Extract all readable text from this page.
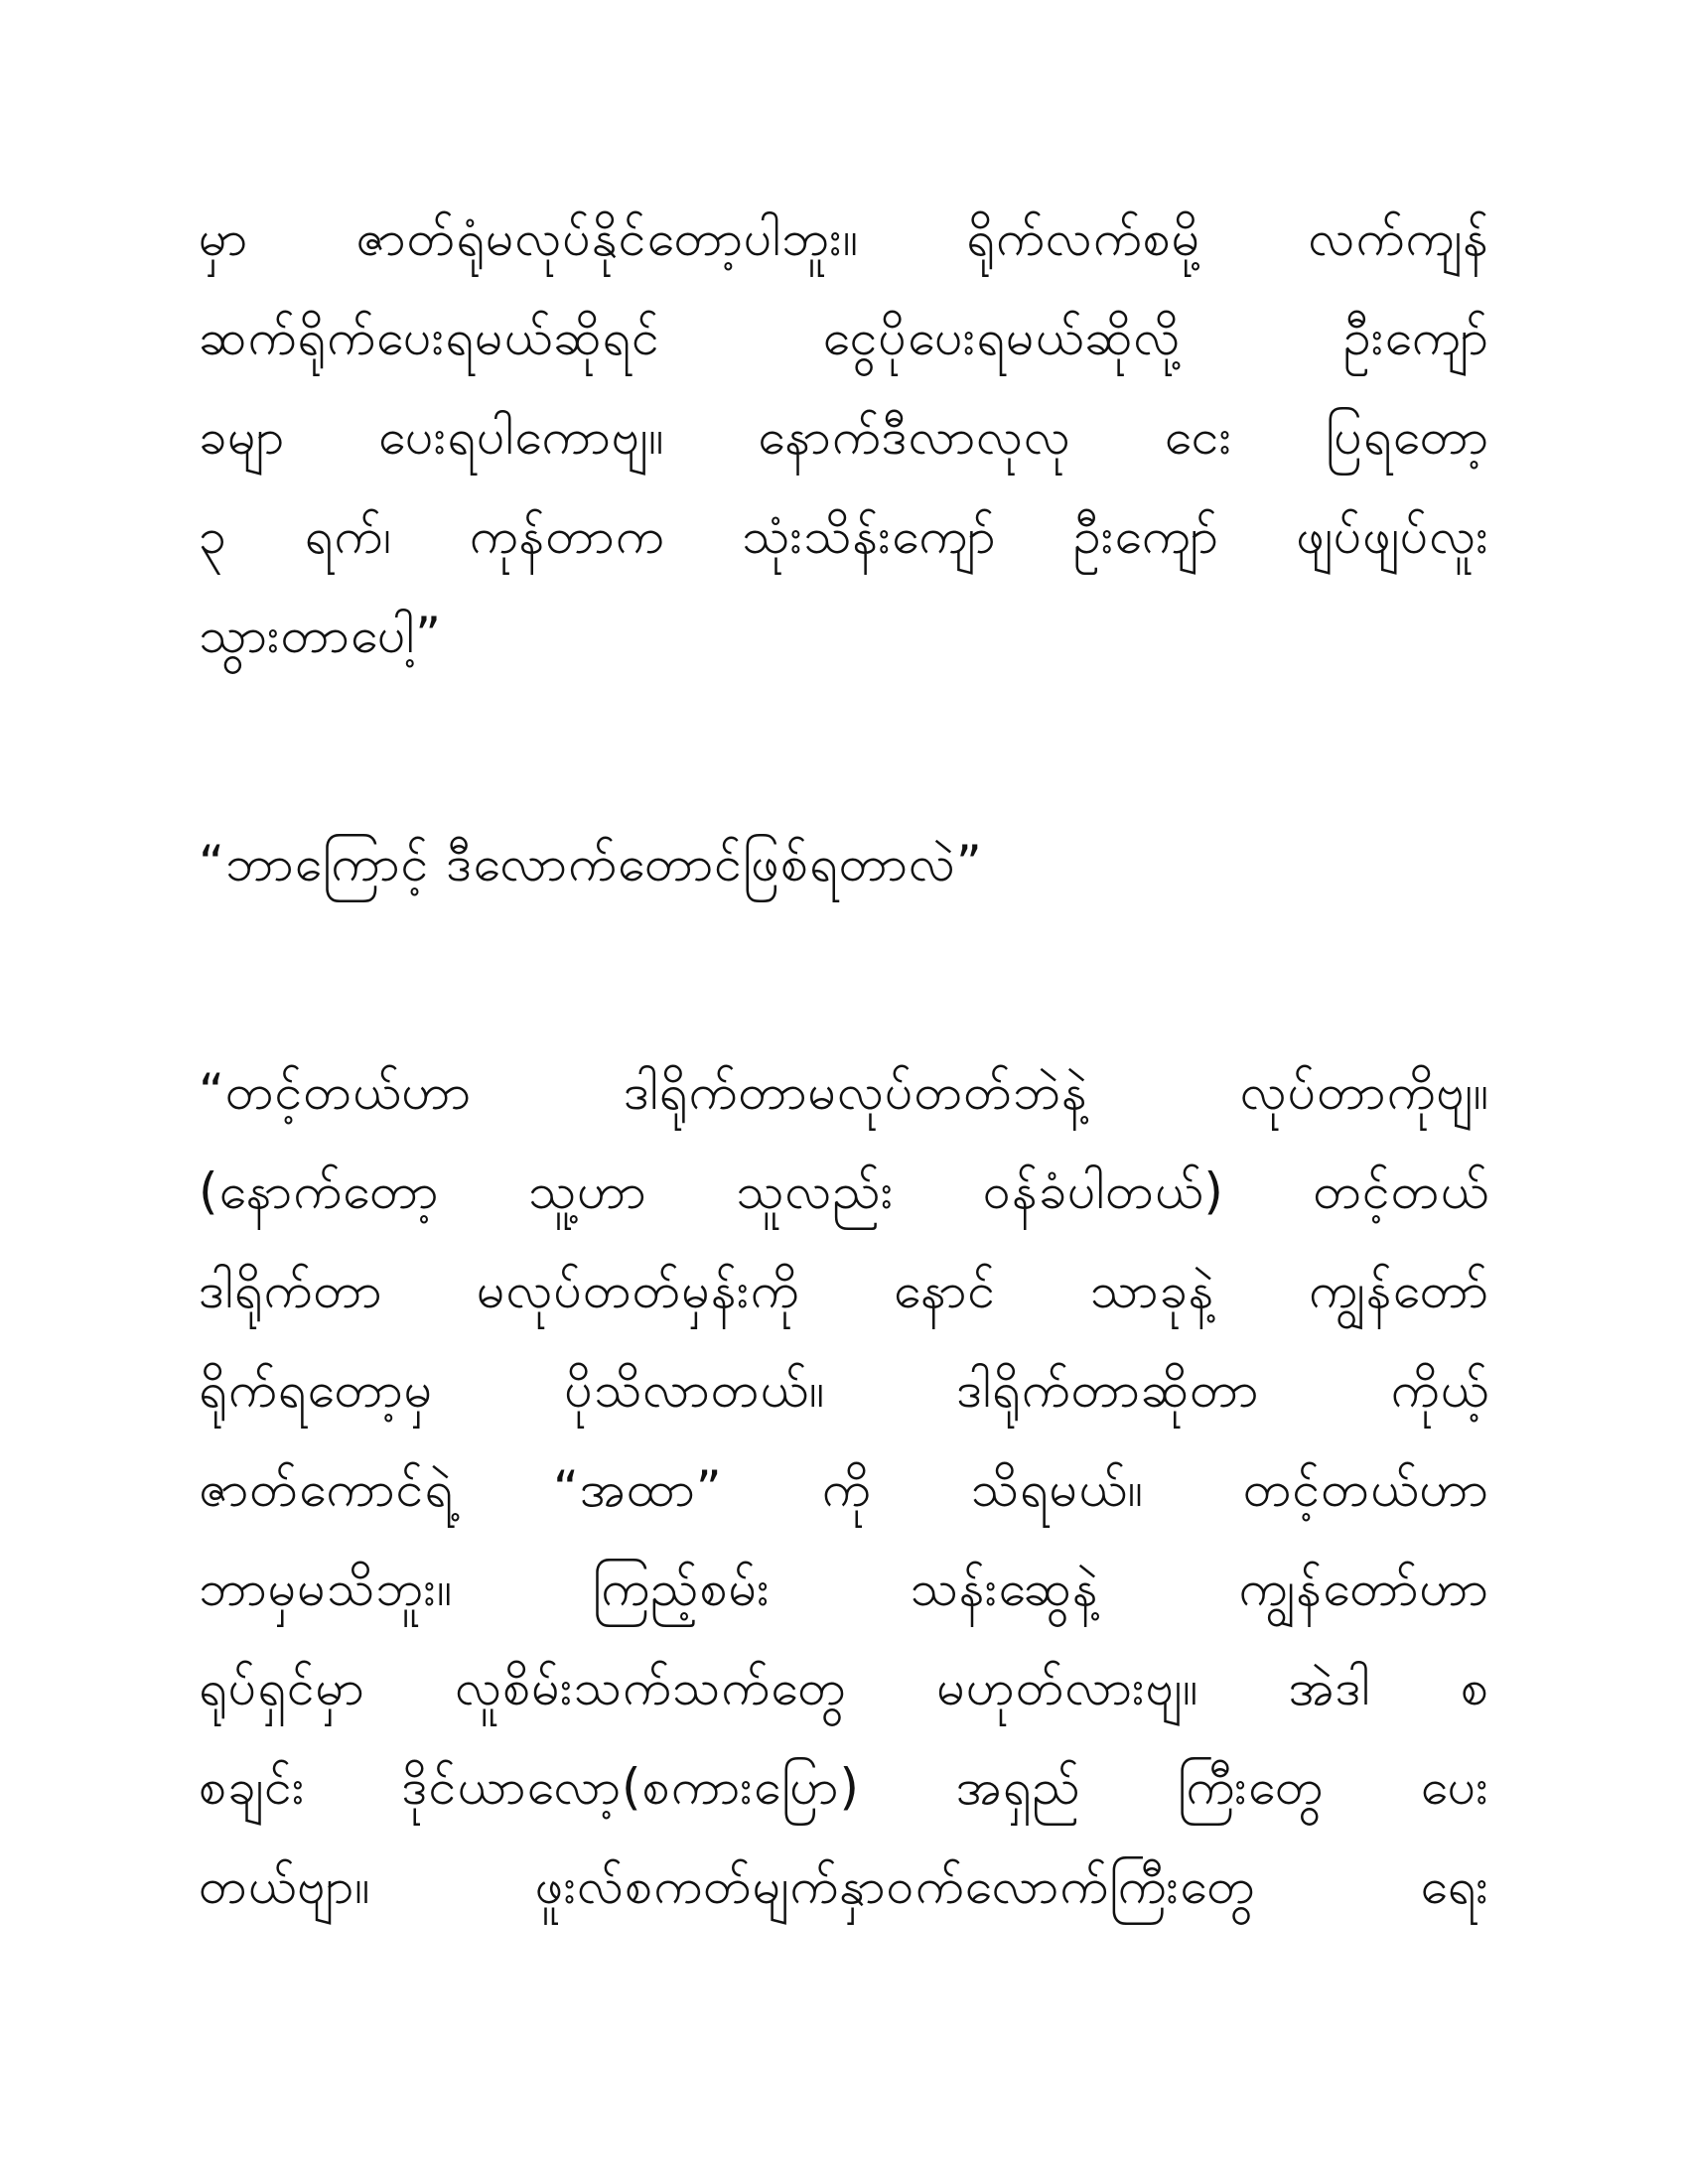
မှာ ဇာတ်ရုံမလုပ်နိုင်တော့ပါဘူး။ ရိုက်လက်စမို့ လက်ကျန်
ဆက်ရိုက်ပေးရမယ်ဆိုရင် ငွေပိုပေးရမယ်ဆိုလို့ ဦးကျော်
ခမျာ ပေးရပါကောဗျ။ နောက်ဒီလာလုလု ငေး ပြရတော့
၃ ရက်၊ ကုန်တာက သုံးသိန်းကျော် ဦးကျော် ဖျပ်ဖျပ်လူး
သွားတာပေါ့”
“ဘာကြောင့် ဒီလောက်တောင်ဖြစ်ရတာလဲ”
“တင့်တယ်ဟာ ဒါရိုက်တာမလုပ်တတ်ဘဲနဲ့ လုပ်တာကိုဗျ။
(နောက်တော့ သူ့ဟာ သူလည်း ဝန်ခံပါတယ်) တင့်တယ်
ဒါရိုက်တာ မလုပ်တတ်မှန်းကို နောင် သာခုနဲ့ ကျွန်တော်
ရိုက်ရတော့မှ ပိုသိလာတယ်။ ဒါရိုက်တာဆိုတာ ကိုယ့်
ဇာတ်ကောင်ရဲ့ “အထာ” ကို သိရမယ်။ တင့်တယ်ဟာ
ဘာမှမသိဘူး။ ကြည့်စမ်း သန်းဆွေနဲ့ ကျွန်တော်ဟာ
ရုပ်ရှင်မှာ လူစိမ်းသက်သက်တွေ မဟုတ်လားဗျ။ အဲဒါ စ
စချင်း ဒိုင်ယာလော့(စကားပြော) အရှည် ကြီးတွေ ပေး
တယ်ဗျာ။ ဖူးလ်စကတ်မျက်နှာဝက်လောက်ကြီးတွေ ရေး
